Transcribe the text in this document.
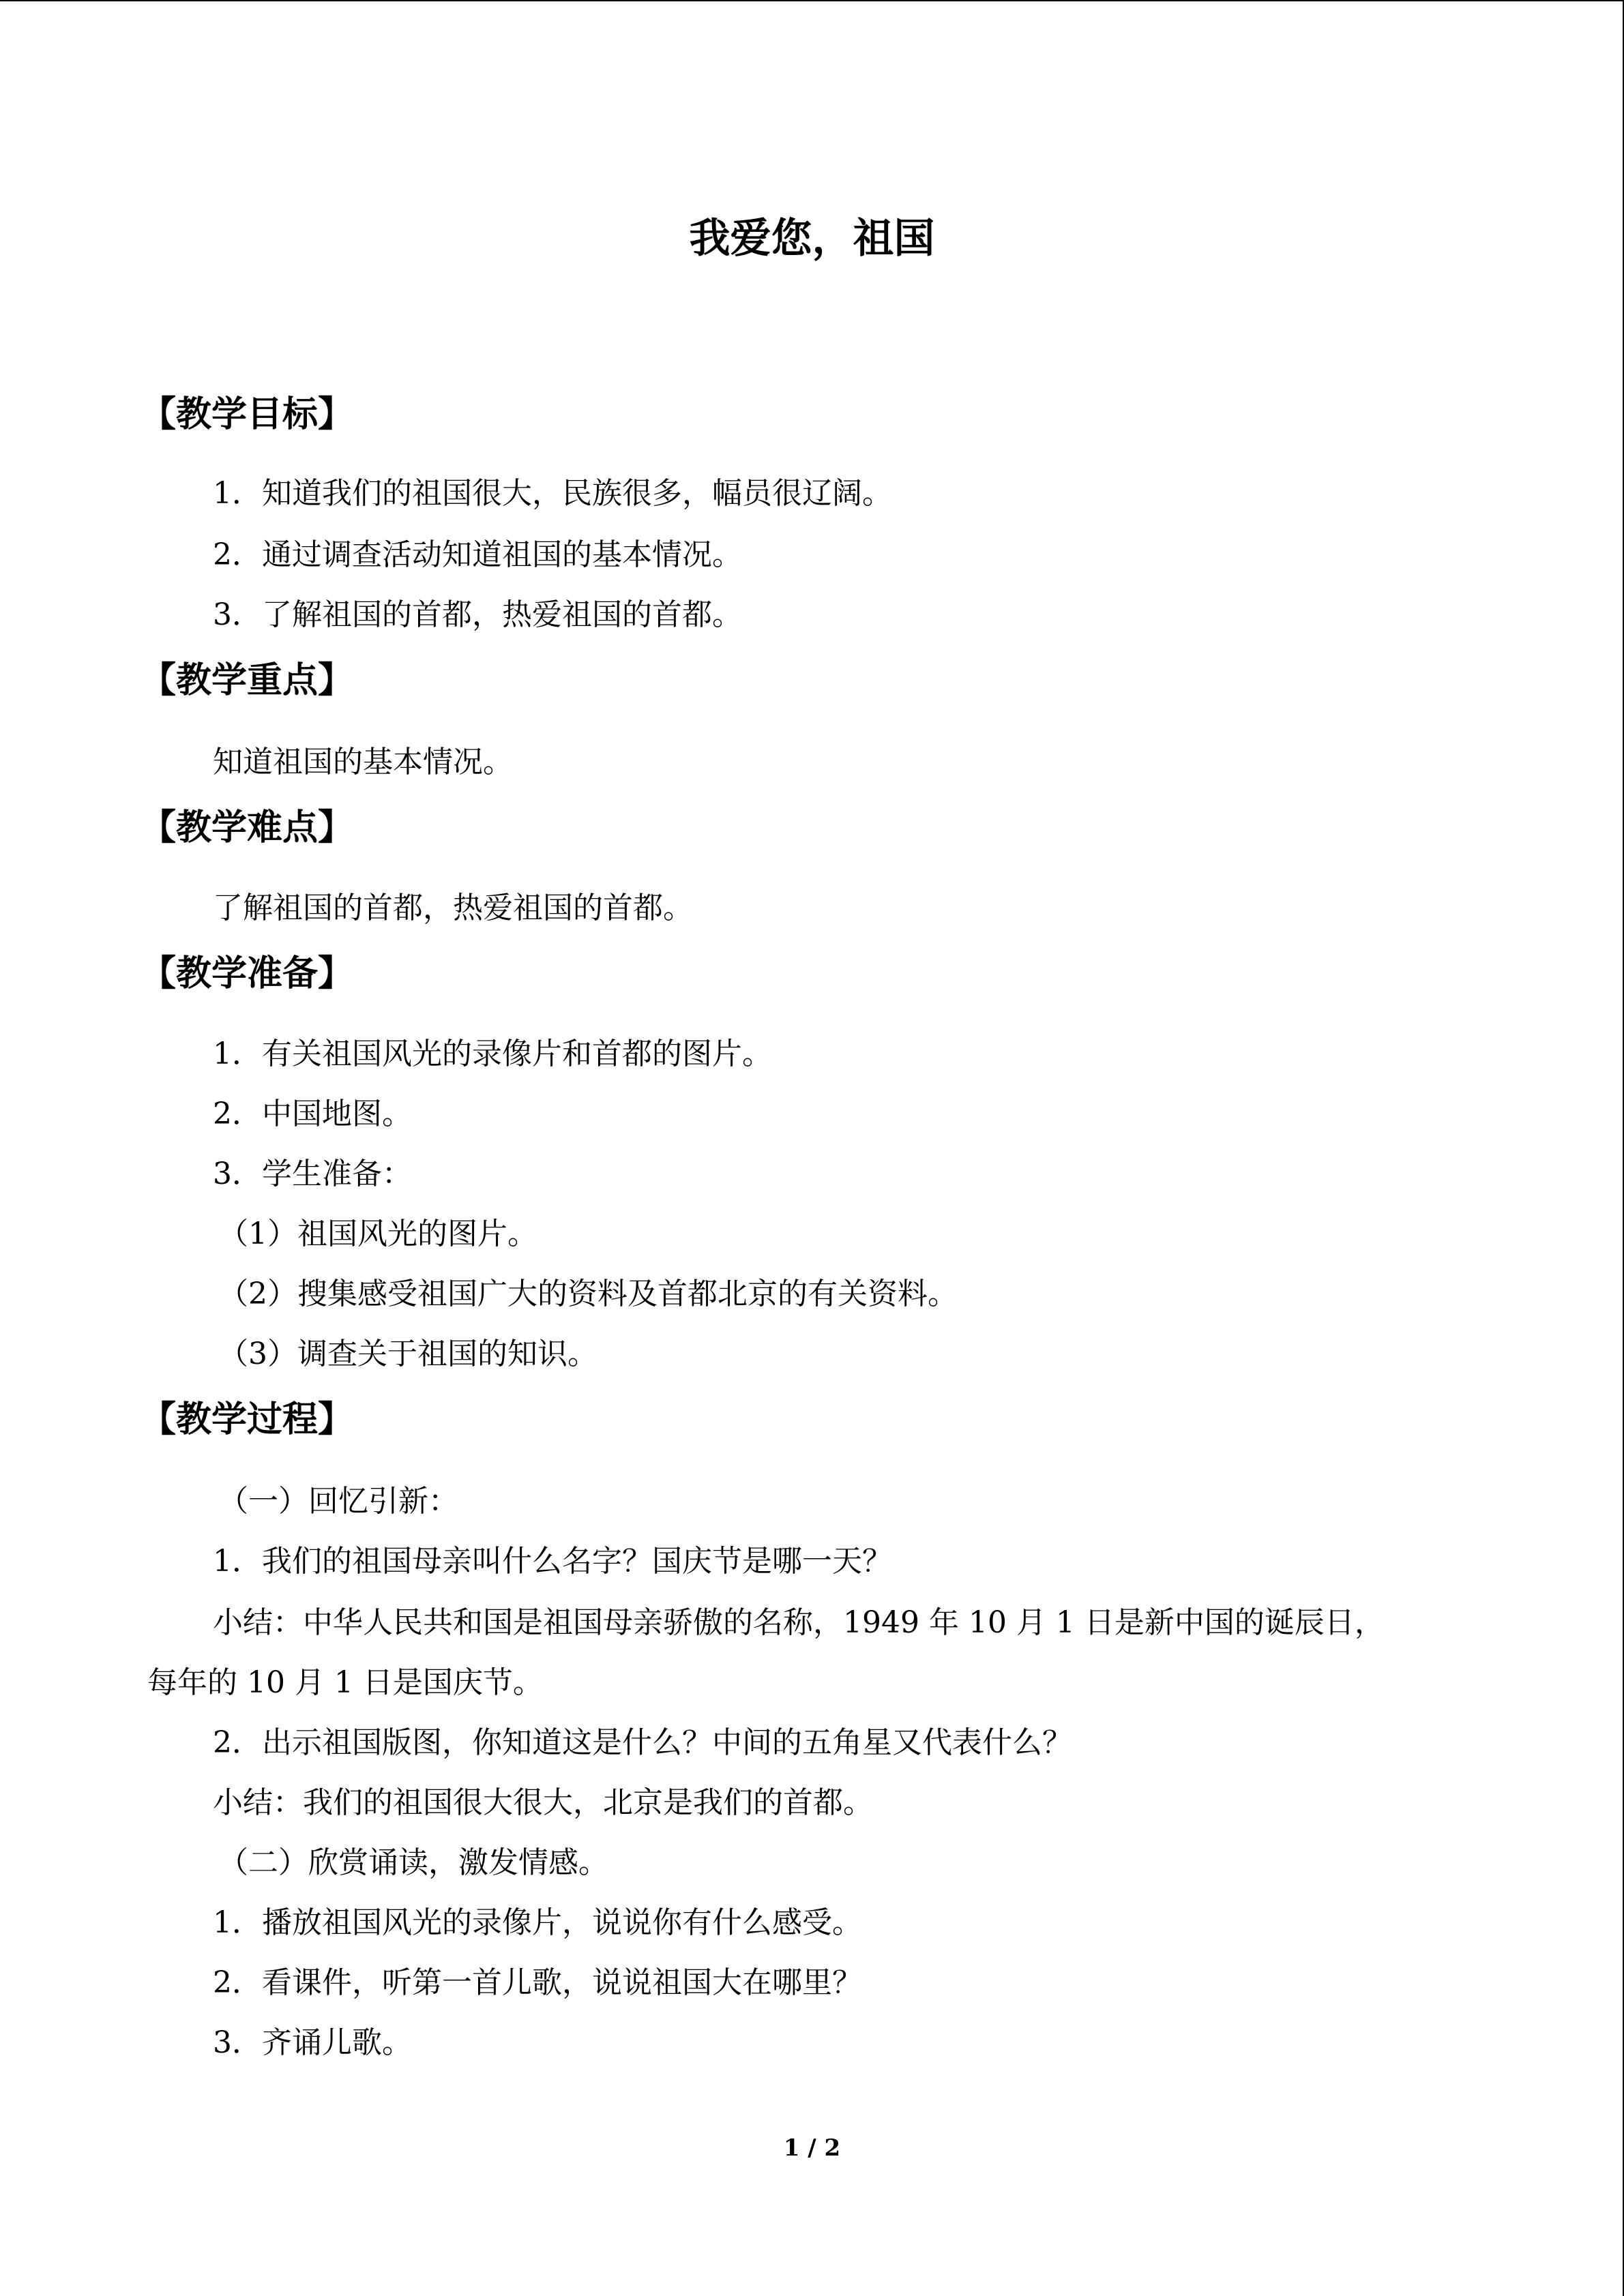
我爱您，祖国
【教学目标】
1．知道我们的祖国很大，民族很多，幅员很辽阔。
2．通过调查活动知道祖国的基本情况。
3．了解祖国的首都，热爱祖国的首都。
【教学重点】
知道祖国的基本情况。
【教学难点】
了解祖国的首都，热爱祖国的首都。
【教学准备】
1．有关祖国风光的录像片和首都的图片。
2．中国地图。
3．学生准备：
（1）祖国风光的图片。
（2）搜集感受祖国广大的资料及首都北京的有关资料。
（3）调查关于祖国的知识。
【教学过程】
（一）回忆引新：
1．我们的祖国母亲叫什么名字？国庆节是哪一天？
小结：中华人民共和国是祖国母亲骄傲的名称，1949 年 10 月 1 日是新中国的诞辰日，
每年的 10 月 1 日是国庆节。
2．出示祖国版图，你知道这是什么？中间的五角星又代表什么？
小结：我们的祖国很大很大，北京是我们的首都。
（二）欣赏诵读，激发情感。
1．播放祖国风光的录像片，说说你有什么感受。
2．看课件，听第一首儿歌，说说祖国大在哪里？
3．齐诵儿歌。
1 / 2
